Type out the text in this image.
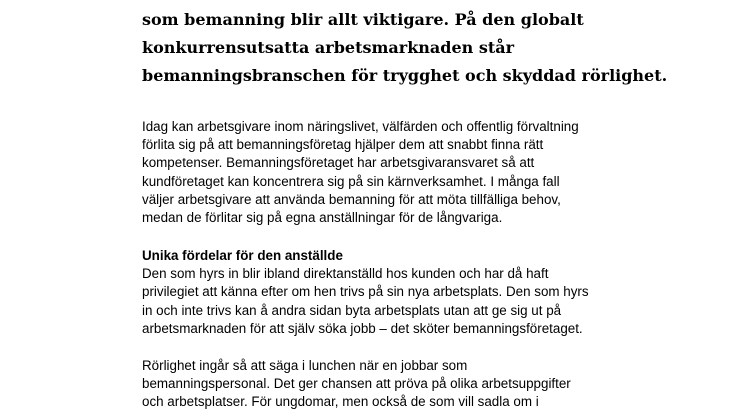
som bemanning blir allt viktigare. På den globalt
konkurrensutsatta arbetsmarknaden står
bemanningsbranschen för trygghet och skyddad rörlighet.

Idag kan arbetsgivare inom näringslivet, välfärden och offentlig förvaltning
förlita sig på att bemanningsföretag hjälper dem att snabbt finna rätt
kompetenser. Bemanningsföretaget har arbetsgivaransvaret så att
kundföretaget kan koncentrera sig på sin kärnverksamhet. I många fall
väljer arbetsgivare att använda bemanning för att möta tillfälliga behov,
medan de förlitar sig på egna anställningar för de långvariga.

Unika fördelar för den anställde
Den som hyrs in blir ibland direktanställd hos kunden och har då haft
privilegiet att känna efter om hen trivs på sin nya arbetsplats. Den som hyrs
in och inte trivs kan å andra sidan byta arbetsplats utan att ge sig ut på
arbetsmarknaden för att själv söka jobb – det sköter bemanningsföretaget.

Rörlighet ingår så att säga i lunchen när en jobbar som
bemanningspersonal. Det ger chansen att pröva på olika arbetsuppgifter
och arbetsplatser. För ungdomar, men också de som vill sadla om i
